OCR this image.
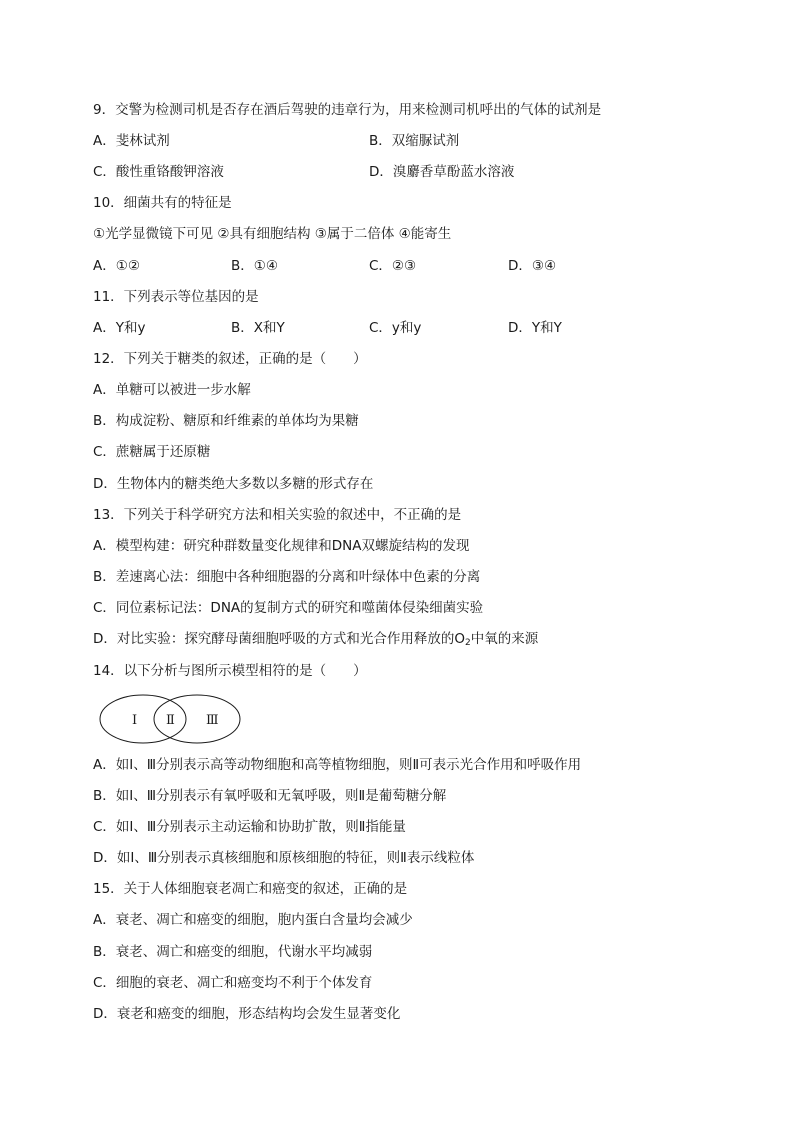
9．交警为检测司机是否存在酒后驾驶的违章行为，用来检测司机呼出的气体的试剂是
A．斐林试剂	B．双缩脲试剂
C．酸性重铬酸钾溶液	D．溴麝香草酚蓝水溶液
10．细菌共有的特征是
①光学显微镜下可见 ②具有细胞结构 ③属于二倍体 ④能寄生
A．①②	B．①④	C．②③	D．③④
11．下列表示等位基因的是
A．Y和y	B．X和Y	C．y和y	D．Y和Y
12．下列关于糖类的叙述，正确的是（　　）
A．单糖可以被进一步水解
B．构成淀粉、糖原和纤维素的单体均为果糖
C．蔗糖属于还原糖
D．生物体内的糖类绝大多数以多糖的形式存在
13．下列关于科学研究方法和相关实验的叙述中，不正确的是
A．模型构建：研究种群数量变化规律和DNA双螺旋结构的发现
B．差速离心法：细胞中各种细胞器的分离和叶绿体中色素的分离
C．同位素标记法：DNA的复制方式的研究和噬菌体侵染细菌实验
D．对比实验：探究酵母菌细胞呼吸的方式和光合作用释放的$O_2$中氧的来源
14．以下分析与图所示模型相符的是（　　）
Ⅰ Ⅱ Ⅲ
A．如Ⅰ、Ⅲ分别表示高等动物细胞和高等植物细胞，则Ⅱ可表示光合作用和呼吸作用
B．如Ⅰ、Ⅲ分别表示有氧呼吸和无氧呼吸，则Ⅱ是葡萄糖分解
C．如Ⅰ、Ⅲ分别表示主动运输和协助扩散，则Ⅱ指能量
D．如Ⅰ、Ⅲ分别表示真核细胞和原核细胞的特征，则Ⅱ表示线粒体
15．关于人体细胞衰老凋亡和癌变的叙述，正确的是
A．衰老、凋亡和癌变的细胞，胞内蛋白含量均会减少
B．衰老、凋亡和癌变的细胞，代谢水平均减弱
C．细胞的衰老、凋亡和癌变均不利于个体发育
D．衰老和癌变的细胞，形态结构均会发生显著变化
